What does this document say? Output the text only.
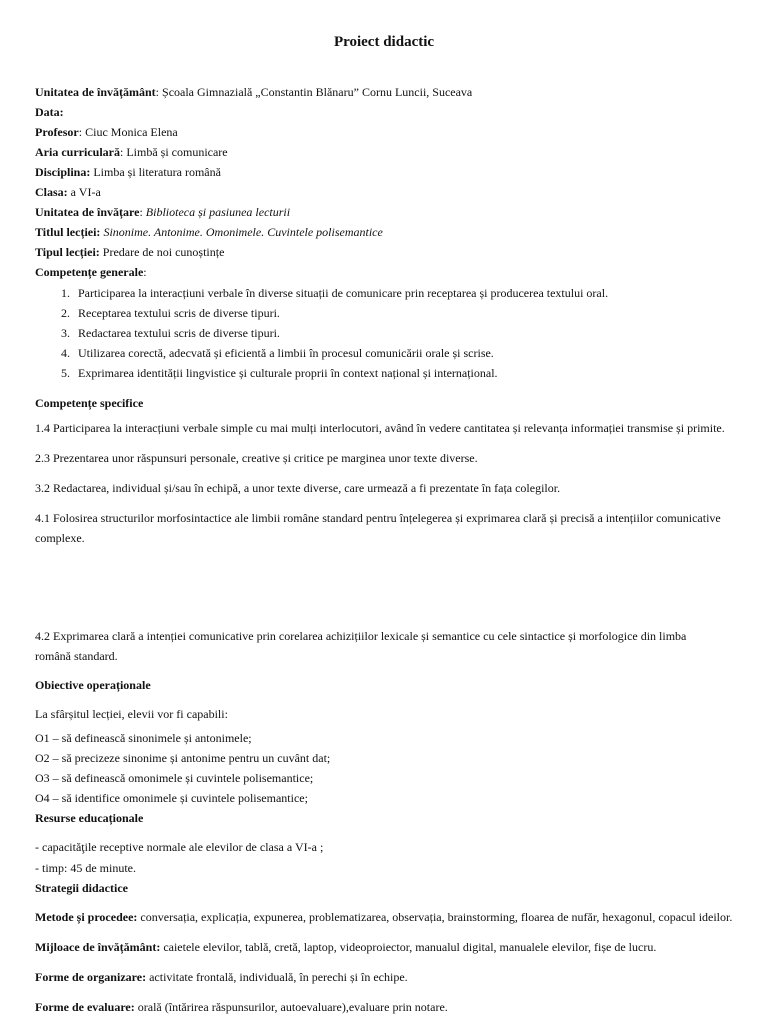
Proiect didactic
Unitatea de învățământ: Școala Gimnazială „Constantin Blănaru” Cornu Luncii, Suceava
Data:
Profesor: Ciuc Monica Elena
Aria curriculară: Limbă și comunicare
Disciplina: Limba și literatura română
Clasa: a VI-a
Unitatea de învățare: Biblioteca și pasiunea lecturii
Titlul lecției: Sinonime. Antonime. Omonimele. Cuvintele polisemantice
Tipul lecției: Predare de noi cunoștințe
Competențe generale:
1. Participarea la interacțiuni verbale în diverse situații de comunicare prin receptarea și producerea textului oral.
2. Receptarea textului scris de diverse tipuri.
3. Redactarea textului scris de diverse tipuri.
4. Utilizarea corectă, adecvată și eficientă a limbii în procesul comunicării orale și scrise.
5. Exprimarea identității lingvistice și culturale proprii în context național și internațional.
Competențe specifice
1.4 Participarea la interacțiuni verbale simple cu mai mulți interlocutori, având în vedere cantitatea și relevanța informației transmise și primite.
2.3 Prezentarea unor răspunsuri personale, creative și critice pe marginea unor texte diverse.
3.2 Redactarea, individual și/sau în echipă, a unor texte diverse, care urmează a fi prezentate în fața colegilor.
4.1 Folosirea structurilor morfosintactice ale limbii române standard pentru înțelegerea și exprimarea clară și precisă a intențiilor comunicative complexe.
4.2 Exprimarea clară a intenției comunicative prin corelarea achizițiilor lexicale și semantice cu cele sintactice și morfologice din limba română standard.
Obiective operaționale
La sfârșitul lecției, elevii vor fi capabili:
O1 – să definească sinonimele și antonimele;
O2 – să precizeze sinonime și antonime pentru un cuvânt dat;
O3 – să definească omonimele și cuvintele polisemantice;
O4 – să identifice omonimele și cuvintele polisemantice;
Resurse educaționale
- capacităţile receptive normale ale elevilor de clasa a VI-a ;
- timp: 45 de minute.
Strategii didactice
Metode și procedee: conversația, explicația, expunerea, problematizarea, observația, brainstorming, floarea de nufăr, hexagonul, copacul ideilor.
Mijloace de învățământ: caietele elevilor, tablă, cretă, laptop, videoproiector, manualul digital, manualele elevilor, fișe de lucru.
Forme de organizare: activitate frontală, individuală, în perechi și în echipe.
Forme de evaluare: orală (întărirea răspunsurilor, autoevaluare),evaluare prin notare.
